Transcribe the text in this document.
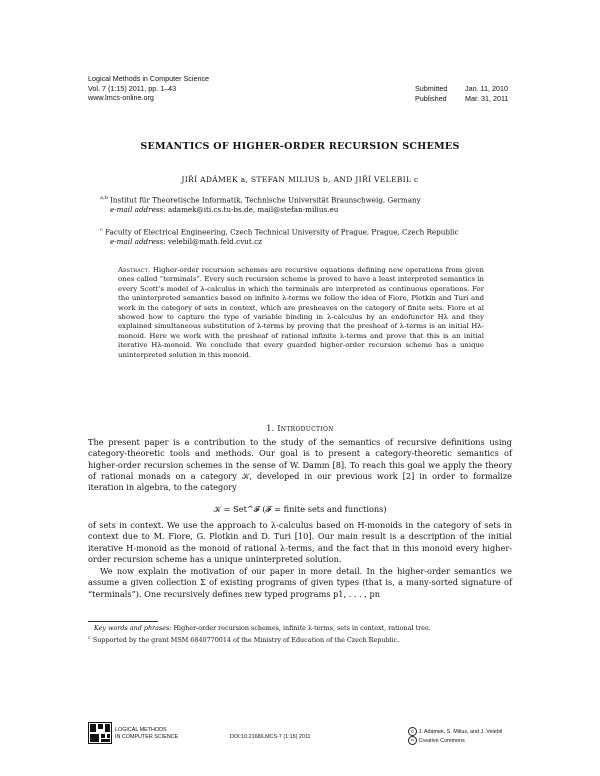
Logical Methods in Computer Science
Vol. 7 (1:15) 2011, pp. 1–43
www.lmcs-online.org
Submitted	Jan. 11, 2010
Published	Mar. 31, 2011
SEMANTICS OF HIGHER-ORDER RECURSION SCHEMES
JIŘÍ ADÁMEK a, STEFAN MILIUS b, AND JIŘÍ VELEBIL c
$^{a,b}$ Institut für Theoretische Informatik, Technische Universität Braunschweig, Germany
e-mail address: adamek@iti.cs.tu-bs.de, mail@stefan-milius.eu
$^c$ Faculty of Electrical Engineering, Czech Technical University of Prague, Prague, Czech Republic
e-mail address: velebil@math.feld.cvut.cz
Abstract. Higher-order recursion schemes are recursive equations defining new operations from given ones called “terminals”. Every such recursion scheme is proved to have a least interpreted semantics in every Scott’s model of λ-calculus in which the terminals are interpreted as continuous operations. For the uninterpreted semantics based on infinite λ-terms we follow the idea of Fiore, Plotkin and Turi and work in the category of sets in context, which are presheaves on the category of finite sets. Fiore et al showed how to capture the type of variable binding in λ-calculus by an endofunctor Hλ and they explained simultaneous substitution of λ-terms by proving that the presheaf of λ-terms is an initial Hλ-monoid. Here we work with the presheaf of rational infinite λ-terms and prove that this is an initial iterative Hλ-monoid. We conclude that every guarded higher-order recursion scheme has a unique uninterpreted solution in this monoid.
1. Introduction
The present paper is a contribution to the study of the semantics of recursive definitions using category-theoretic tools and methods. Our goal is to present a category-theoretic semantics of higher-order recursion schemes in the sense of W. Damm [8]. To reach this goal we apply the theory of rational monads on a category 𝒦, developed in our previous work [2] in order to formalize iteration in algebra, to the category
𝒦 = Set^𝓕 (𝓕 = finite sets and functions)
of sets in context. We use the approach to λ-calculus based on H-monoids in the category of sets in context due to M. Fiore, G. Plotkin and D. Turi [10]. Our main result is a description of the initial iterative H-monoid as the monoid of rational λ-terms, and the fact that in this monoid every higher-order recursion scheme has a unique uninterpreted solution.
We now explain the motivation of our paper in more detail. In the higher-order semantics we assume a given collection Σ of existing programs of given types (that is, a many-sorted signature of “terminals”). One recursively defines new typed programs p1, . . . , pn
Key words and phrases: Higher-order recursion schemes, infinite λ-terms, sets in context, rational tree.
$^c$ Supported by the grant MSM 6840770014 of the Ministry of Education of the Czech Republic.
LOGICAL METHODS
IN COMPUTER SCIENCE	DOI:10.2168/LMCS-7 (1:15) 2011
© J. Adámek, S. Milius, and J. Velebil
cc Creative Commons
